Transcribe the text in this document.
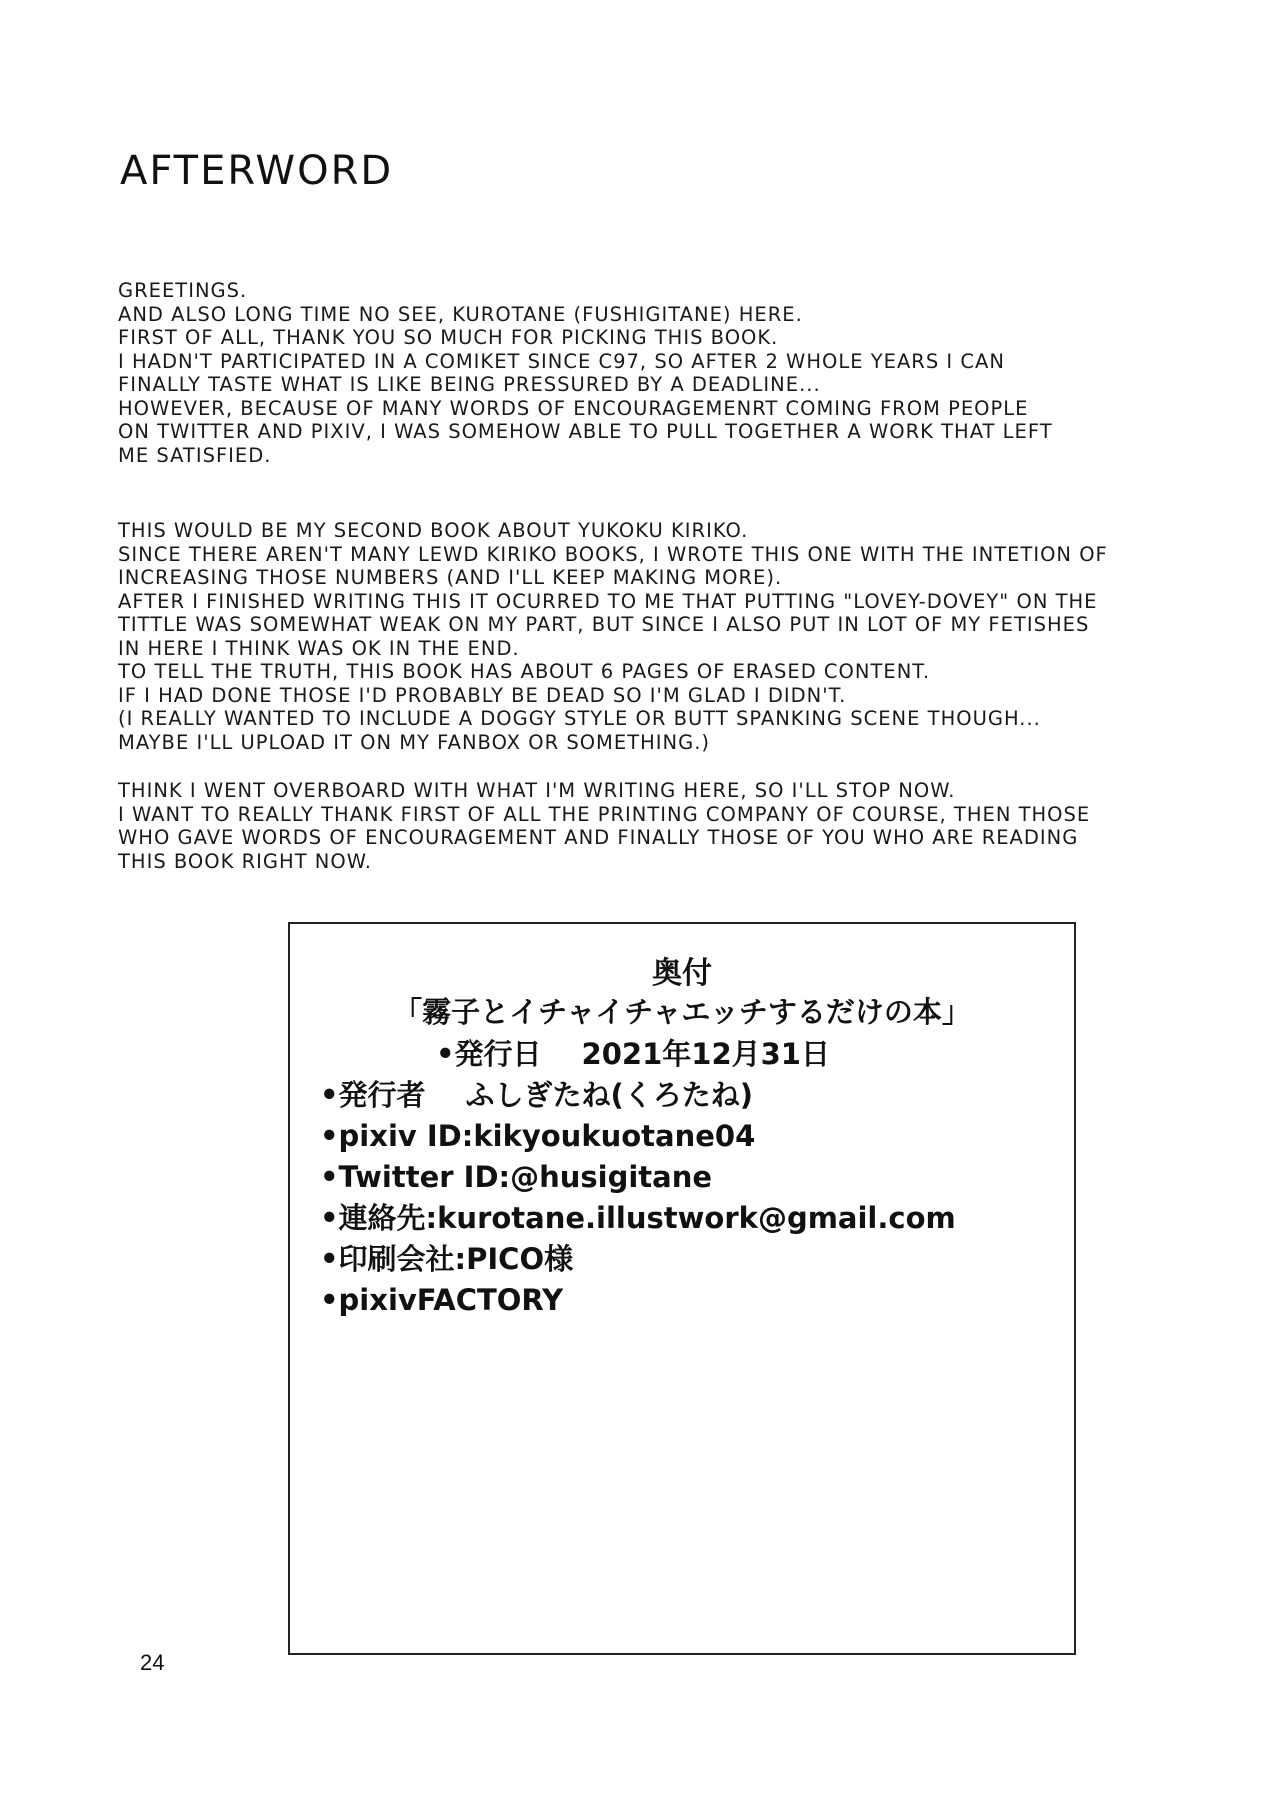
AFTERWORD
GREETINGS.
AND ALSO LONG TIME NO SEE, KUROTANE (FUSHIGITANE) HERE.
FIRST OF ALL, THANK YOU SO MUCH FOR PICKING THIS BOOK.
I HADN'T PARTICIPATED IN A COMIKET SINCE C97, SO AFTER 2 WHOLE YEARS I CAN
FINALLY TASTE WHAT IS LIKE BEING PRESSURED BY A DEADLINE...
HOWEVER, BECAUSE OF MANY WORDS OF ENCOURAGEMENRT COMING FROM PEOPLE
ON TWITTER AND PIXIV, I WAS SOMEHOW ABLE TO PULL TOGETHER A WORK THAT LEFT
ME SATISFIED.
THIS WOULD BE MY SECOND BOOK ABOUT YUKOKU KIRIKO.
SINCE THERE AREN'T MANY LEWD KIRIKO BOOKS, I WROTE THIS ONE WITH THE INTETION OF
INCREASING THOSE NUMBERS (AND I'LL KEEP MAKING MORE).
AFTER I FINISHED WRITING THIS IT OCURRED TO ME THAT PUTTING "LOVEY-DOVEY" ON THE
TITTLE WAS SOMEWHAT WEAK ON MY PART, BUT SINCE I ALSO PUT IN LOT OF MY FETISHES
IN HERE I THINK WAS OK IN THE END.
TO TELL THE TRUTH, THIS BOOK HAS ABOUT 6 PAGES OF ERASED CONTENT.
IF I HAD DONE THOSE I'D PROBABLY BE DEAD SO I'M GLAD I DIDN'T.
(I REALLY WANTED TO INCLUDE A DOGGY STYLE OR BUTT SPANKING SCENE THOUGH...
MAYBE I'LL UPLOAD IT ON MY FANBOX OR SOMETHING.)
THINK I WENT OVERBOARD WITH WHAT I'M WRITING HERE, SO I'LL STOP NOW.
I WANT TO REALLY THANK FIRST OF ALL THE PRINTING COMPANY OF COURSE, THEN THOSE
WHO GAVE WORDS OF ENCOURAGEMENT AND FINALLY THOSE OF YOU WHO ARE READING
THIS BOOK RIGHT NOW.
奥付
「霧子とイチャイチャエッチするだけの本」
•発行日 2021年12月31日
•発行者 ふしぎたね(くろたね)
•pixiv ID:kikyoukuotane04
•Twitter ID:@husigitane
•連絡先:kurotane.illustwork@gmail.com
•印刷会社:PICO様
•pixivFACTORY
24
